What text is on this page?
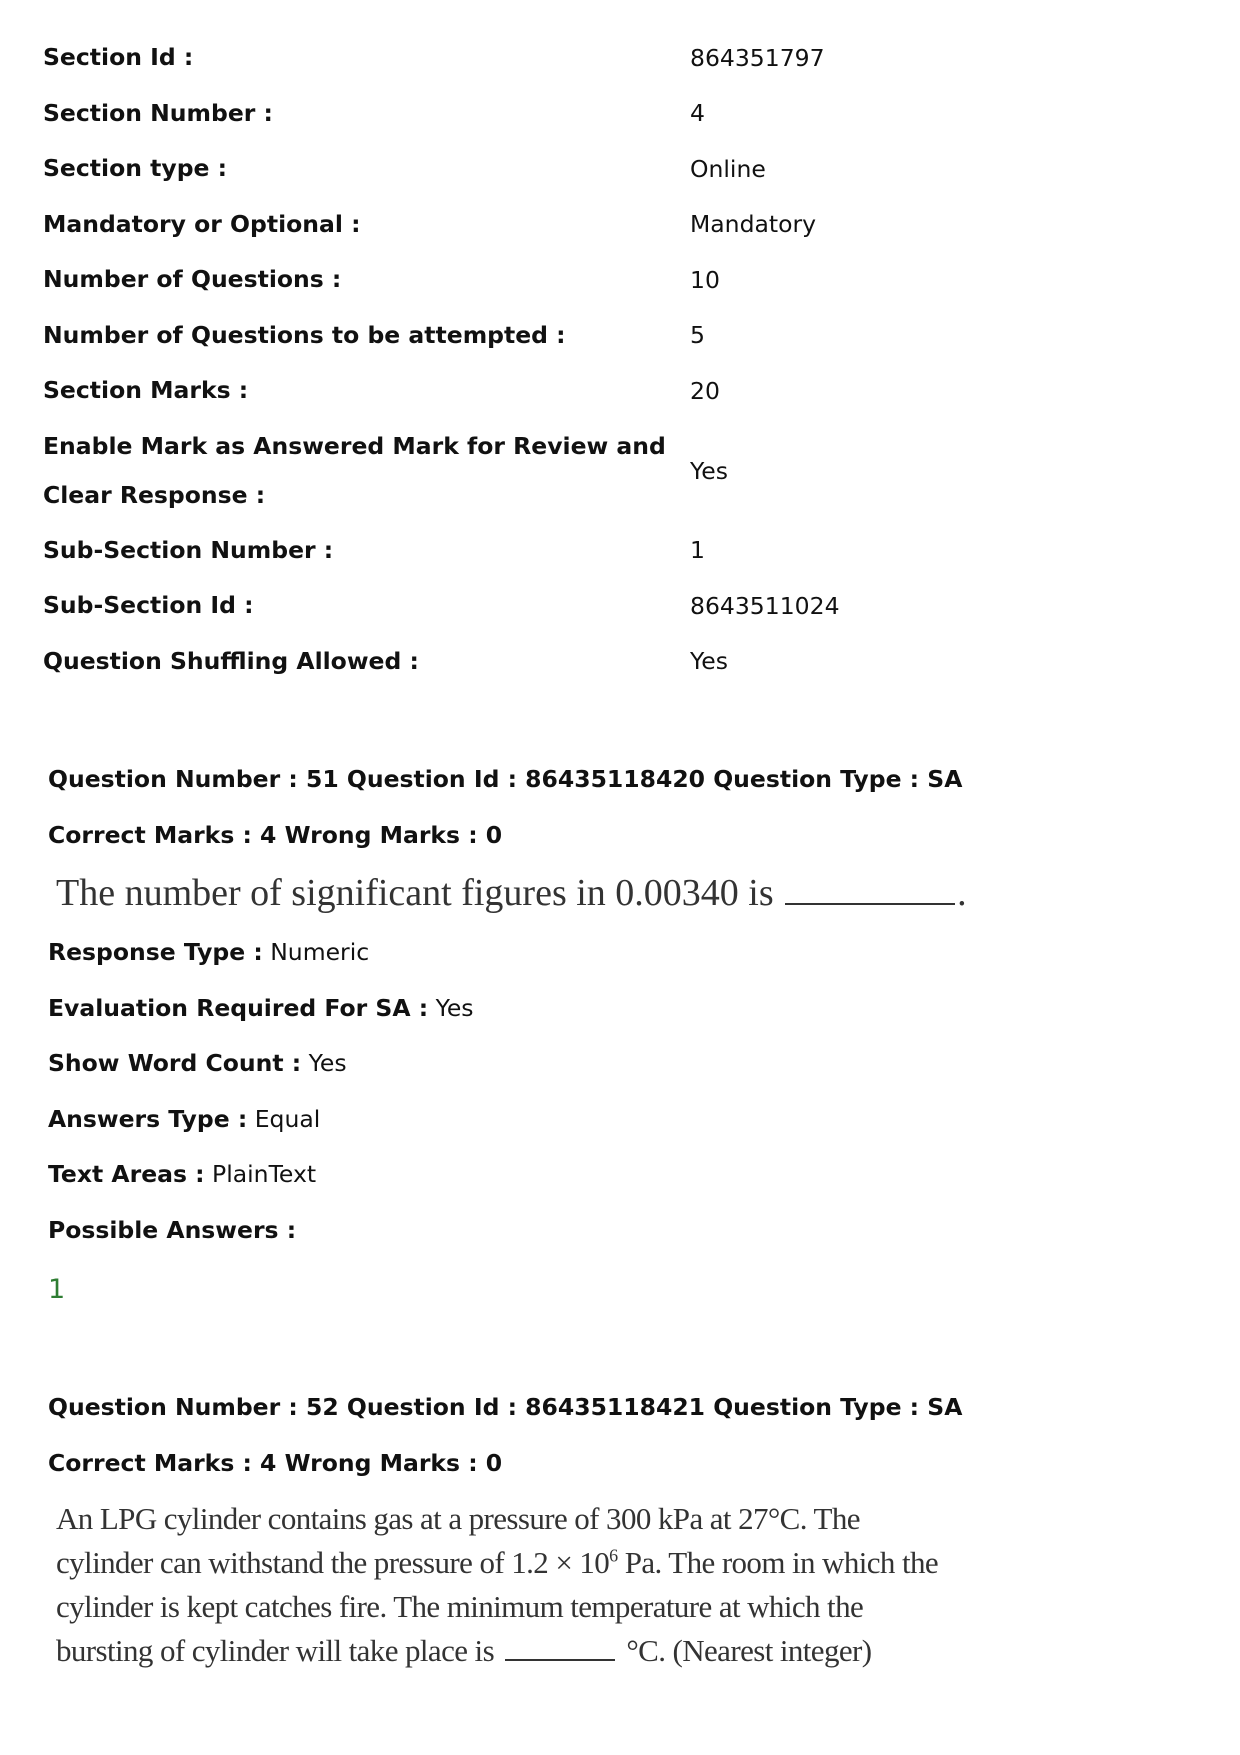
Section Id :	864351797
Section Number :	4
Section type :	Online
Mandatory or Optional :	Mandatory
Number of Questions :	10
Number of Questions to be attempted :	5
Section Marks :	20
Enable Mark as Answered Mark for Review and
Clear Response :
Yes
Sub-Section Number :	1
Sub-Section Id :	8643511024
Question Shuffling Allowed :	Yes
Question Number : 51 Question Id : 86435118420 Question Type : SA
Correct Marks : 4 Wrong Marks : 0
The number of significant figures in 0.00340 is	.
Response Type : Numeric
Evaluation Required For SA : Yes
Show Word Count : Yes
Answers Type : Equal
Text Areas : PlainText
Possible Answers :
1
Question Number : 52 Question Id : 86435118421 Question Type : SA
Correct Marks : 4 Wrong Marks : 0
An LPG cylinder contains gas at a pressure of 300 kPa at 27°C. The cylinder can withstand the pressure of $1.2 \times 10^6$ Pa. The room in which the cylinder is kept catches fire. The minimum temperature at which the bursting of cylinder will take place is	°C. (Nearest integer)
